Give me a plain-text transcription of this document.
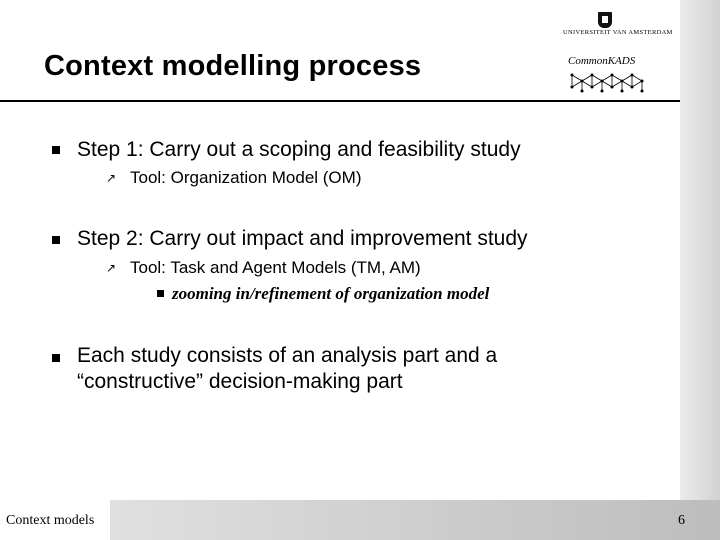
Context models	6
UNIVERSITEIT VAN AMSTERDAM
CommonKADS
Context modelling process
Step 1: Carry out a scoping and feasibility study
↗ Tool: Organization Model (OM)
Step 2: Carry out impact and improvement study
↗ Tool: Task and Agent Models (TM, AM)
zooming in/refinement of organization model
Each study consists of an analysis part and a
“constructive” decision-making part
